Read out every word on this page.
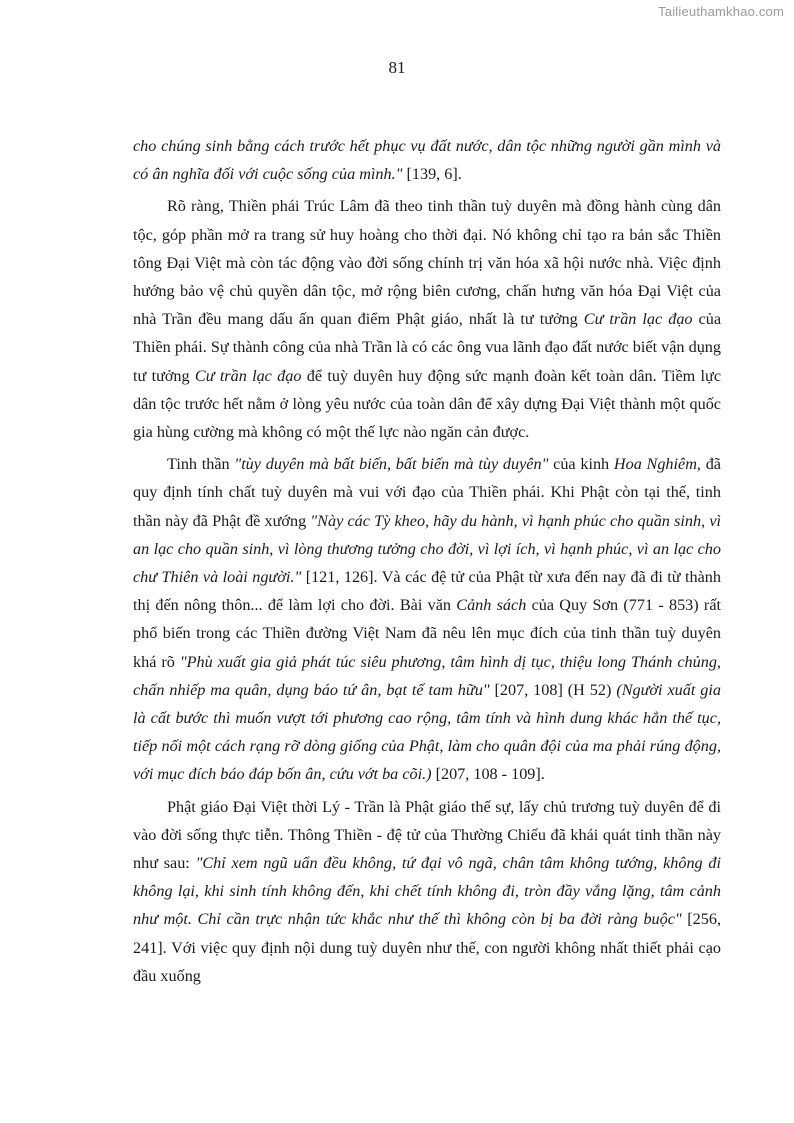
Tailieuthamkhao.com
81

cho chúng sinh bằng cách trước hết phục vụ đất nước, dân tộc những người gần mình và có ân nghĩa đối với cuộc sống của mình." [139, 6].

Rõ ràng, Thiền phái Trúc Lâm đã theo tinh thần tuỳ duyên mà đồng hành cùng dân tộc, góp phần mở ra trang sử huy hoàng cho thời đại. Nó không chỉ tạo ra bản sắc Thiền tông Đại Việt mà còn tác động vào đời sống chính trị văn hóa xã hội nước nhà. Việc định hướng bảo vệ chủ quyền dân tộc, mở rộng biên cương, chấn hưng văn hóa Đại Việt của nhà Trần đều mang dấu ấn quan điểm Phật giáo, nhất là tư tưởng Cư trần lạc đạo của Thiền phái. Sự thành công của nhà Trần là có các ông vua lãnh đạo đất nước biết vận dụng tư tưởng Cư trần lạc đạo để tuỳ duyên huy động sức mạnh đoàn kết toàn dân. Tiềm lực dân tộc trước hết nằm ở lòng yêu nước của toàn dân để xây dựng Đại Việt thành một quốc gia hùng cường mà không có một thế lực nào ngăn cản được.

Tinh thần "tùy duyên mà bất biến, bất biến mà tùy duyên" của kinh Hoa Nghiêm, đã quy định tính chất tuỳ duyên mà vui với đạo của Thiền phái. Khi Phật còn tại thế, tinh thần này đã Phật đề xướng "Này các Tỳ kheo, hãy du hành, vì hạnh phúc cho quần sinh, vì an lạc cho quần sinh, vì lòng thương tưởng cho đời, vì lợi ích, vì hạnh phúc, vì an lạc cho chư Thiên và loài người." [121, 126]. Và các đệ tử của Phật từ xưa đến nay đã đi từ thành thị đến nông thôn... để làm lợi cho đời. Bài văn Cảnh sách của Quy Sơn (771 - 853) rất phổ biến trong các Thiền đường Việt Nam đã nêu lên mục đích của tinh thần tuỳ duyên khá rõ "Phù xuất gia giả phát túc siêu phương, tâm hình dị tục, thiệu long Thánh chủng, chấn nhiếp ma quân, dụng báo tứ ân, bạt tế tam hữu" [207, 108] (H 52) (Người xuất gia là cất bước thì muốn vượt tới phương cao rộng, tâm tính và hình dung khác hẳn thế tục, tiếp nối một cách rạng rỡ dòng giống của Phật, làm cho quân đội của ma phải rúng động, với mục đích báo đáp bốn ân, cứu vớt ba cõi.) [207, 108 - 109].

Phật giáo Đại Việt thời Lý - Trần là Phật giáo thế sự, lấy chủ trương tuỳ duyên để đi vào đời sống thực tiễn. Thông Thiền - đệ tử của Thường Chiếu đã khái quát tinh thần này như sau: "Chỉ xem ngũ uẩn đều không, tứ đại vô ngã, chân tâm không tướng, không đi không lại, khi sinh tính không đến, khi chết tính không đi, tròn đầy vắng lặng, tâm cảnh như một. Chỉ cần trực nhận tức khắc như thế thì không còn bị ba đời ràng buộc" [256, 241]. Với việc quy định nội dung tuỳ duyên như thế, con người không nhất thiết phải cạo đầu xuống
